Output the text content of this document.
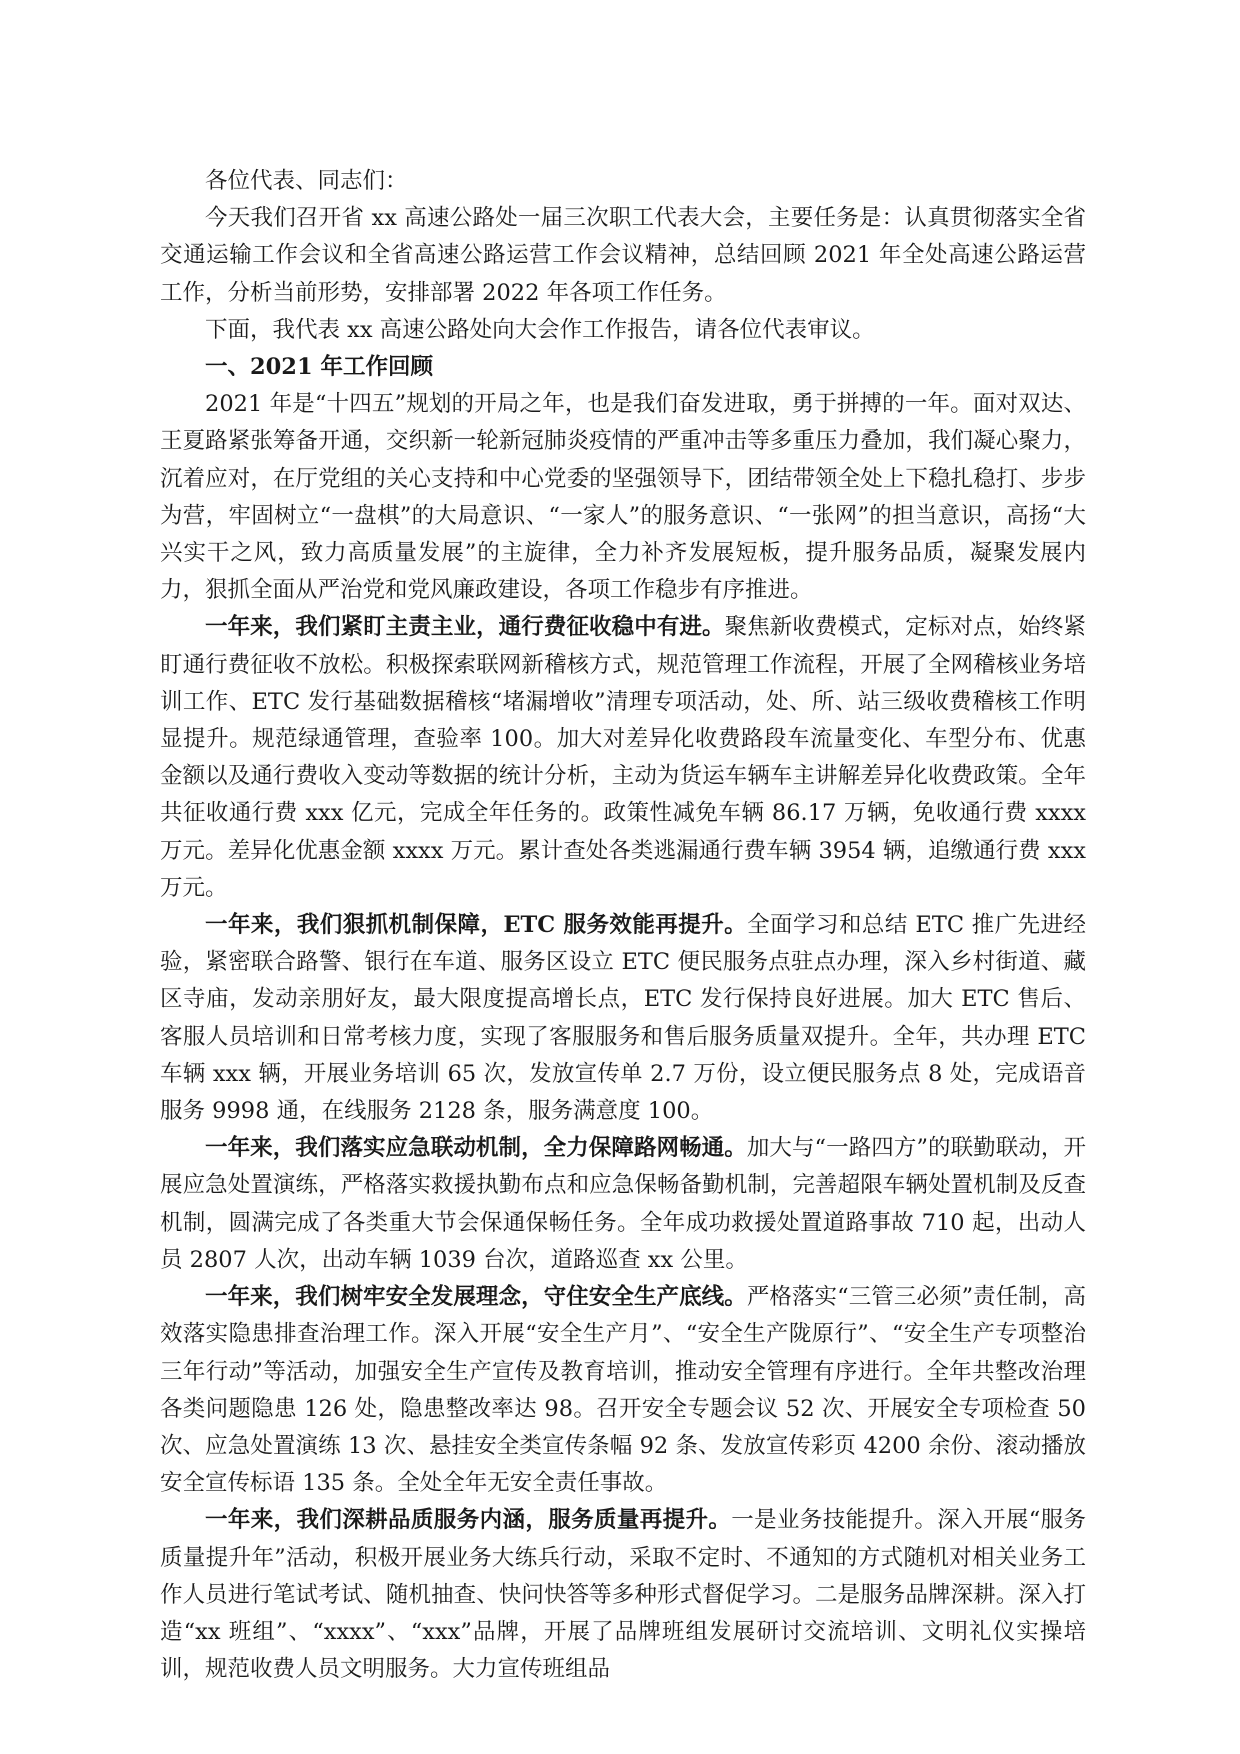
各位代表、同志们：

今天我们召开省 xx 高速公路处一届三次职工代表大会，主要任务是：认真贯彻落实全省交通运输工作会议和全省高速公路运营工作会议精神，总结回顾 2021 年全处高速公路运营工作，分析当前形势，安排部署 2022 年各项工作任务。

下面，我代表 xx 高速公路处向大会作工作报告，请各位代表审议。

一、2021 年工作回顾

2021 年是“十四五”规划的开局之年，也是我们奋发进取，勇于拼搏的一年。面对双达、王夏路紧张筹备开通，交织新一轮新冠肺炎疫情的严重冲击等多重压力叠加，我们凝心聚力，沉着应对，在厅党组的关心支持和中心党委的坚强领导下，团结带领全处上下稳扎稳打、步步为营，牢固树立“一盘棋”的大局意识、“一家人”的服务意识、“一张网”的担当意识，高扬“大兴实干之风，致力高质量发展”的主旋律，全力补齐发展短板，提升服务品质，凝聚发展内力，狠抓全面从严治党和党风廉政建设，各项工作稳步有序推进。

一年来，我们紧盯主责主业，通行费征收稳中有进。聚焦新收费模式，定标对点，始终紧盯通行费征收不放松。积极探索联网新稽核方式，规范管理工作流程，开展了全网稽核业务培训工作、ETC 发行基础数据稽核“堵漏增收”清理专项活动，处、所、站三级收费稽核工作明显提升。规范绿通管理，查验率 100。加大对差异化收费路段车流量变化、车型分布、优惠金额以及通行费收入变动等数据的统计分析，主动为货运车辆车主讲解差异化收费政策。全年共征收通行费 xxx 亿元，完成全年任务的。政策性减免车辆 86.17 万辆，免收通行费 xxxx 万元。差异化优惠金额 xxxx 万元。累计查处各类逃漏通行费车辆 3954 辆，追缴通行费 xxx 万元。

一年来，我们狠抓机制保障，ETC 服务效能再提升。全面学习和总结 ETC 推广先进经验，紧密联合路警、银行在车道、服务区设立 ETC 便民服务点驻点办理，深入乡村街道、藏区寺庙，发动亲朋好友，最大限度提高增长点，ETC 发行保持良好进展。加大 ETC 售后、客服人员培训和日常考核力度，实现了客服服务和售后服务质量双提升。全年，共办理 ETC 车辆 xxx 辆，开展业务培训 65 次，发放宣传单 2.7 万份，设立便民服务点 8 处，完成语音服务 9998 通，在线服务 2128 条，服务满意度 100。

一年来，我们落实应急联动机制，全力保障路网畅通。加大与“一路四方”的联勤联动，开展应急处置演练，严格落实救援执勤布点和应急保畅备勤机制，完善超限车辆处置机制及反查机制，圆满完成了各类重大节会保通保畅任务。全年成功救援处置道路事故 710 起，出动人员 2807 人次，出动车辆 1039 台次，道路巡查 xx 公里。

一年来，我们树牢安全发展理念，守住安全生产底线。严格落实“三管三必须”责任制，高效落实隐患排查治理工作。深入开展“安全生产月”、“安全生产陇原行”、“安全生产专项整治三年行动”等活动，加强安全生产宣传及教育培训，推动安全管理有序进行。全年共整改治理各类问题隐患 126 处，隐患整改率达 98。召开安全专题会议 52 次、开展安全专项检查 50 次、应急处置演练 13 次、悬挂安全类宣传条幅 92 条、发放宣传彩页 4200 余份、滚动播放安全宣传标语 135 条。全处全年无安全责任事故。

一年来，我们深耕品质服务内涵，服务质量再提升。一是业务技能提升。深入开展“服务质量提升年”活动，积极开展业务大练兵行动，采取不定时、不通知的方式随机对相关业务工作人员进行笔试考试、随机抽查、快问快答等多种形式督促学习。二是服务品牌深耕。深入打造“xx 班组”、“xxxx”、“xxx”品牌，开展了品牌班组发展研讨交流培训、文明礼仪实操培训，规范收费人员文明服务。大力宣传班组品
